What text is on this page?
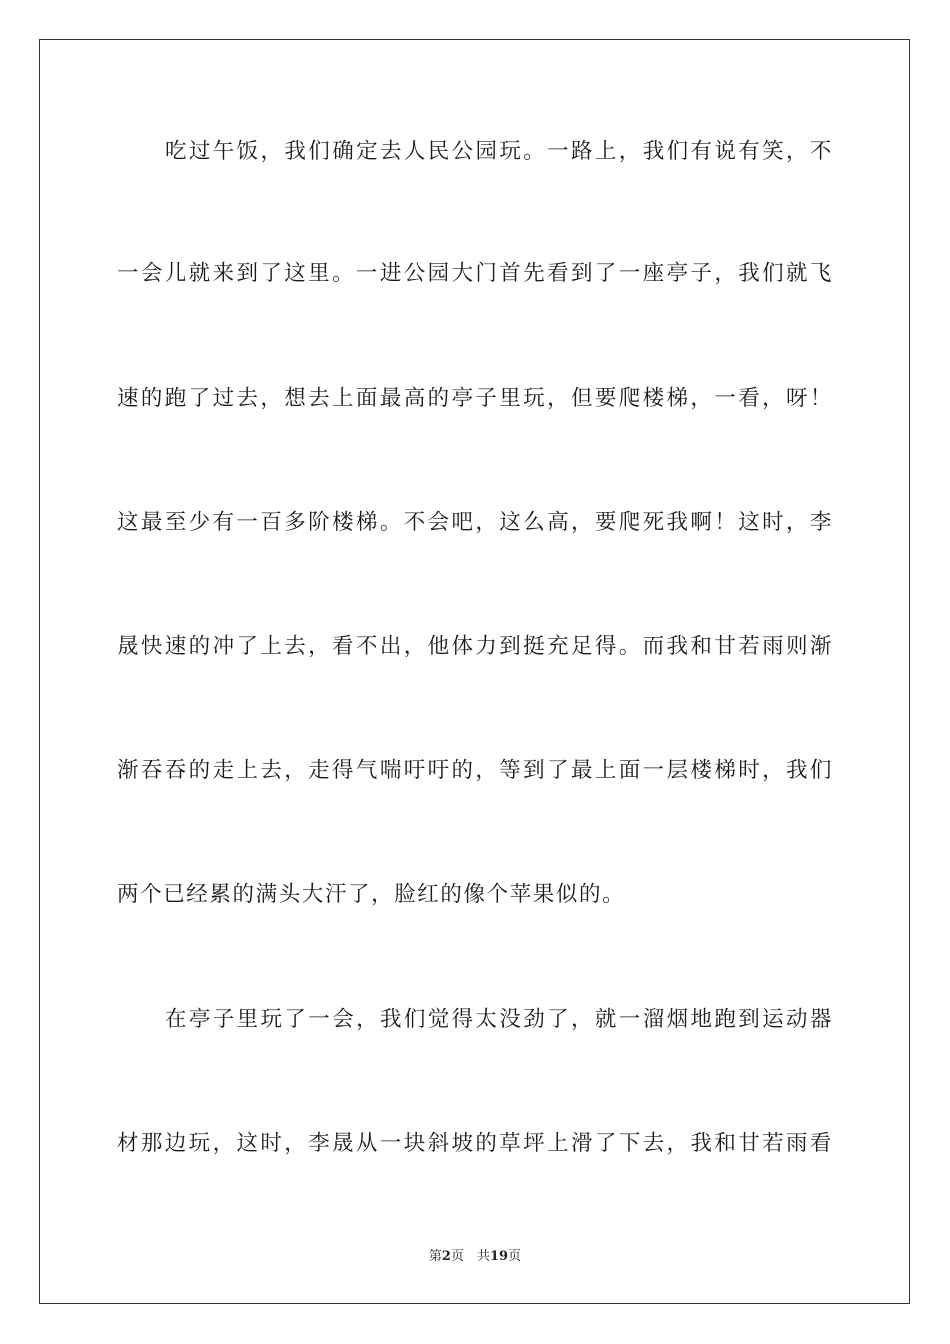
吃过午饭，我们确定去人民公园玩。一路上，我们有说有笑，不
一会儿就来到了这里。一进公园大门首先看到了一座亭子，我们就飞
速的跑了过去，想去上面最高的亭子里玩，但要爬楼梯，一看，呀！
这最至少有一百多阶楼梯。不会吧，这么高，要爬死我啊！这时，李
晟快速的冲了上去，看不出，他体力到挺充足得。而我和甘若雨则渐
渐吞吞的走上去，走得气喘吁吁的，等到了最上面一层楼梯时，我们
两个已经累的满头大汗了，脸红的像个苹果似的。
在亭子里玩了一会，我们觉得太没劲了，就一溜烟地跑到运动器
材那边玩，这时，李晟从一块斜坡的草坪上滑了下去，我和甘若雨看
第2页　共19页
